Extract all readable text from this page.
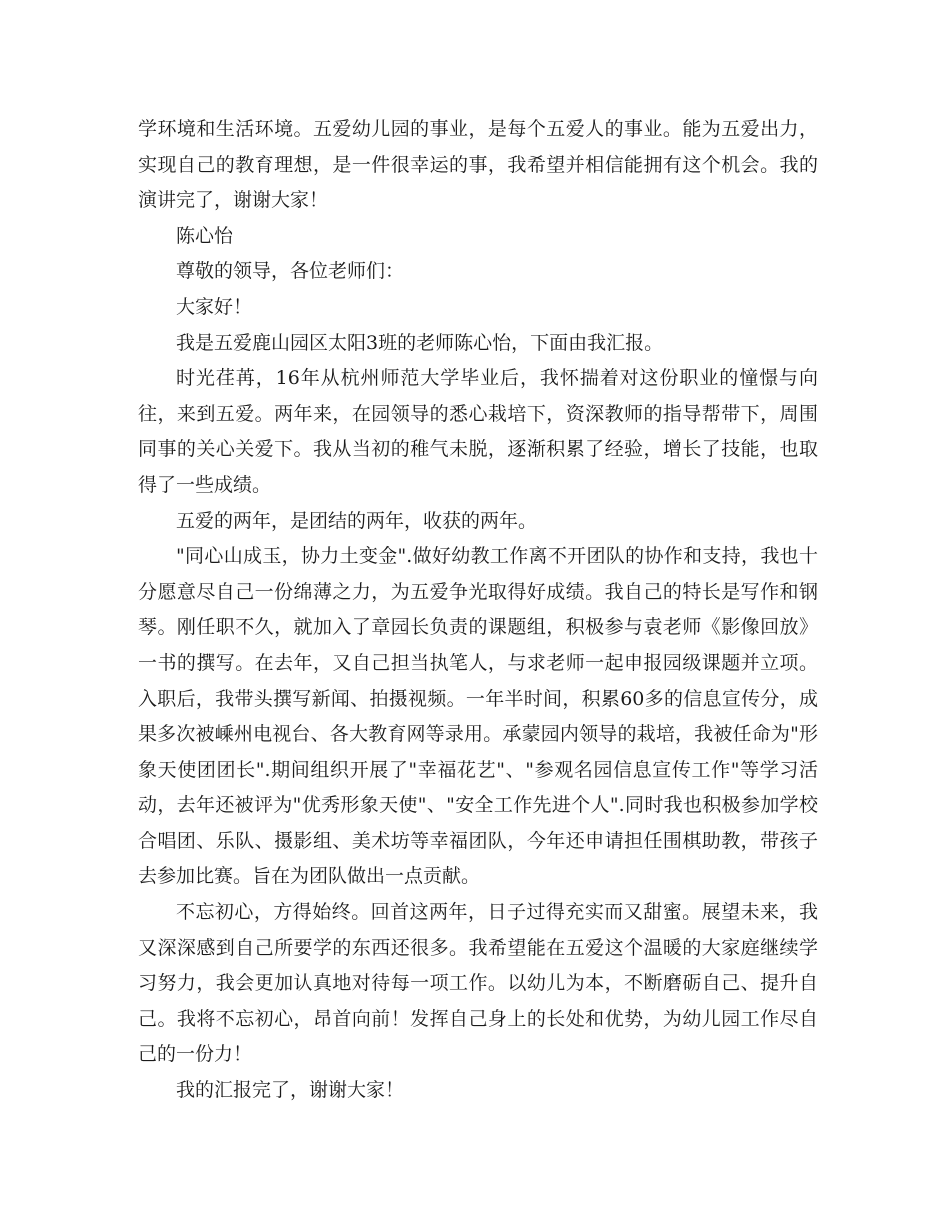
学环境和生活环境。五爱幼儿园的事业，是每个五爱人的事业。能为五爱出力，实现自己的教育理想，是一件很幸运的事，我希望并相信能拥有这个机会。我的演讲完了，谢谢大家！

陈心怡

尊敬的领导，各位老师们：

大家好！

我是五爱鹿山园区太阳3班的老师陈心怡，下面由我汇报。

时光荏苒，16年从杭州师范大学毕业后，我怀揣着对这份职业的憧憬与向往，来到五爱。两年来，在园领导的悉心栽培下，资深教师的指导帮带下，周围同事的关心关爱下。我从当初的稚气未脱，逐渐积累了经验，增长了技能，也取得了一些成绩。

五爱的两年，是团结的两年，收获的两年。

"同心山成玉，协力土变金".做好幼教工作离不开团队的协作和支持，我也十分愿意尽自己一份绵薄之力，为五爱争光取得好成绩。我自己的特长是写作和钢琴。刚任职不久，就加入了章园长负责的课题组，积极参与袁老师《影像回放》一书的撰写。在去年，又自己担当执笔人，与求老师一起申报园级课题并立项。入职后，我带头撰写新闻、拍摄视频。一年半时间，积累60多的信息宣传分，成果多次被嵊州电视台、各大教育网等录用。承蒙园内领导的栽培，我被任命为"形象天使团团长".期间组织开展了"幸福花艺"、"参观名园信息宣传工作"等学习活动，去年还被评为"优秀形象天使"、"安全工作先进个人".同时我也积极参加学校合唱团、乐队、摄影组、美术坊等幸福团队，今年还申请担任围棋助教，带孩子去参加比赛。旨在为团队做出一点贡献。

不忘初心，方得始终。回首这两年，日子过得充实而又甜蜜。展望未来，我又深深感到自己所要学的东西还很多。我希望能在五爱这个温暖的大家庭继续学习努力，我会更加认真地对待每一项工作。以幼儿为本，不断磨砺自己、提升自己。我将不忘初心，昂首向前！发挥自己身上的长处和优势，为幼儿园工作尽自己的一份力！

我的汇报完了，谢谢大家！
